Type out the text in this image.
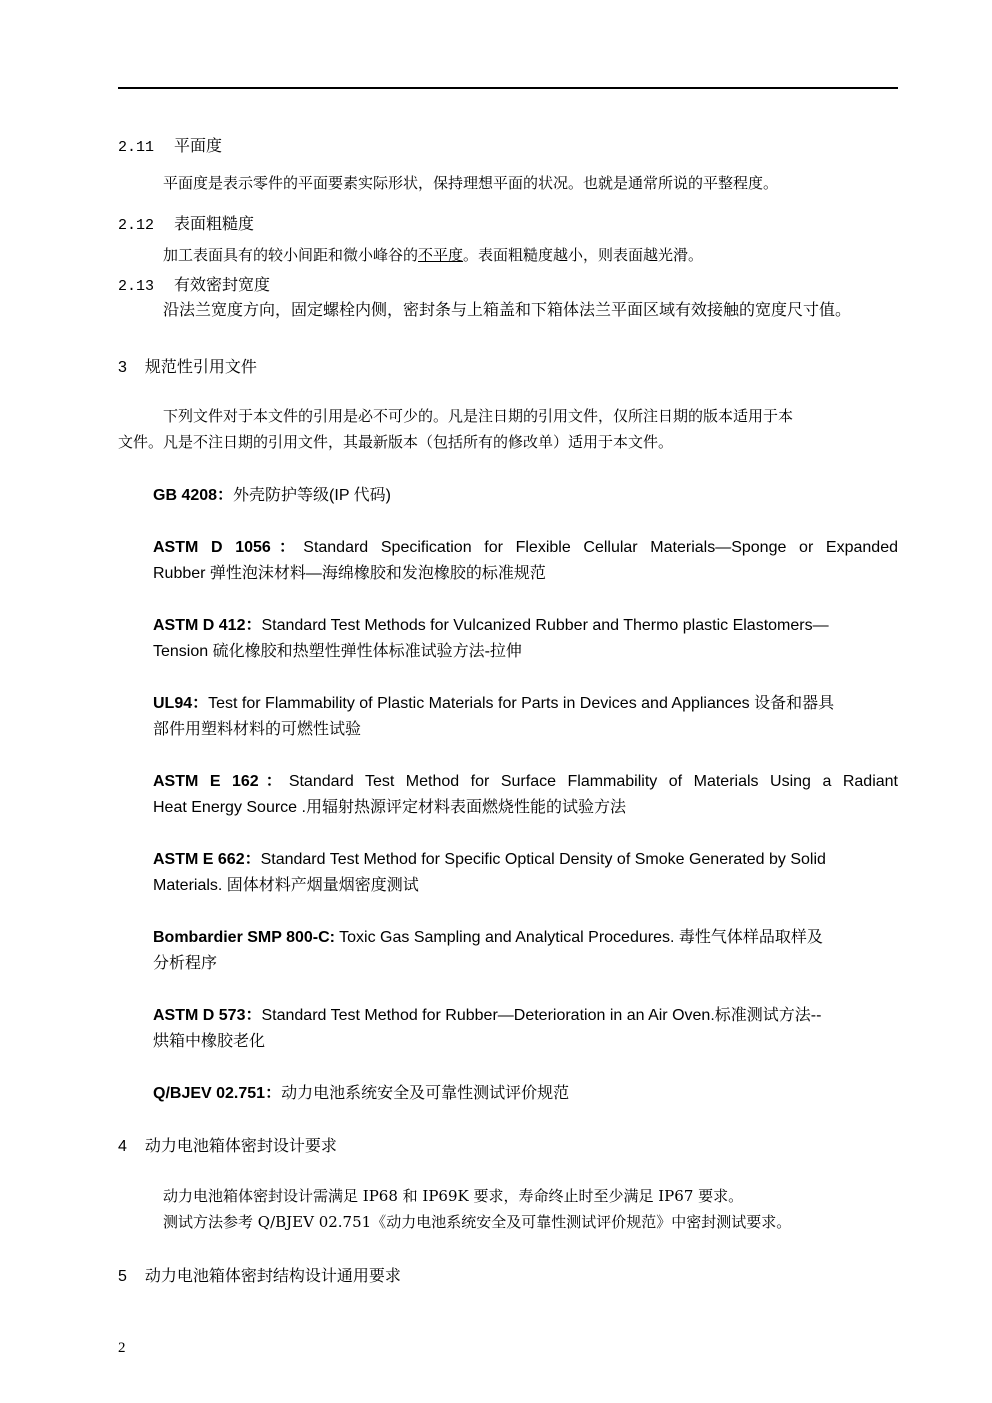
2.11 平面度
平面度是表示零件的平面要素实际形状，保持理想平面的状况。也就是通常所说的平整程度。
2.12 表面粗糙度
加工表面具有的较小间距和微小峰谷的不平度。表面粗糙度越小，则表面越光滑。
2.13 有效密封宽度
沿法兰宽度方向，固定螺栓内侧，密封条与上箱盖和下箱体法兰平面区域有效接触的宽度尺寸值。
3 规范性引用文件
下列文件对于本文件的引用是必不可少的。凡是注日期的引用文件，仅所注日期的版本适用于本
文件。凡是不注日期的引用文件，其最新版本（包括所有的修改单）适用于本文件。
GB 4208：外壳防护等级(IP 代码)
ASTM D 1056：Standard Specification for Flexible Cellular Materials—Sponge or Expanded
Rubber 弹性泡沫材料—海绵橡胶和发泡橡胶的标准规范
ASTM D 412：Standard Test Methods for Vulcanized Rubber and Thermo plastic Elastomers—
Tension 硫化橡胶和热塑性弹性体标准试验方法-拉伸
UL94：Test for Flammability of Plastic Materials for Parts in Devices and Appliances 设备和器具
部件用塑料材料的可燃性试验
ASTM E 162：Standard Test Method for Surface Flammability of Materials Using a Radiant
Heat Energy Source .用辐射热源评定材料表面燃烧性能的试验方法
ASTM E 662：Standard Test Method for Specific Optical Density of Smoke Generated by Solid
Materials. 固体材料产烟量烟密度测试
Bombardier SMP 800-C: Toxic Gas Sampling and Analytical Procedures. 毒性气体样品取样及
分析程序
ASTM D 573：Standard Test Method for Rubber—Deterioration in an Air Oven.标准测试方法--
烘箱中橡胶老化
Q/BJEV 02.751：动力电池系统安全及可靠性测试评价规范
4 动力电池箱体密封设计要求
动力电池箱体密封设计需满足 IP68 和 IP69K 要求，寿命终止时至少满足 IP67 要求。
测试方法参考 Q/BJEV 02.751《动力电池系统安全及可靠性测试评价规范》中密封测试要求。
5 动力电池箱体密封结构设计通用要求
2
